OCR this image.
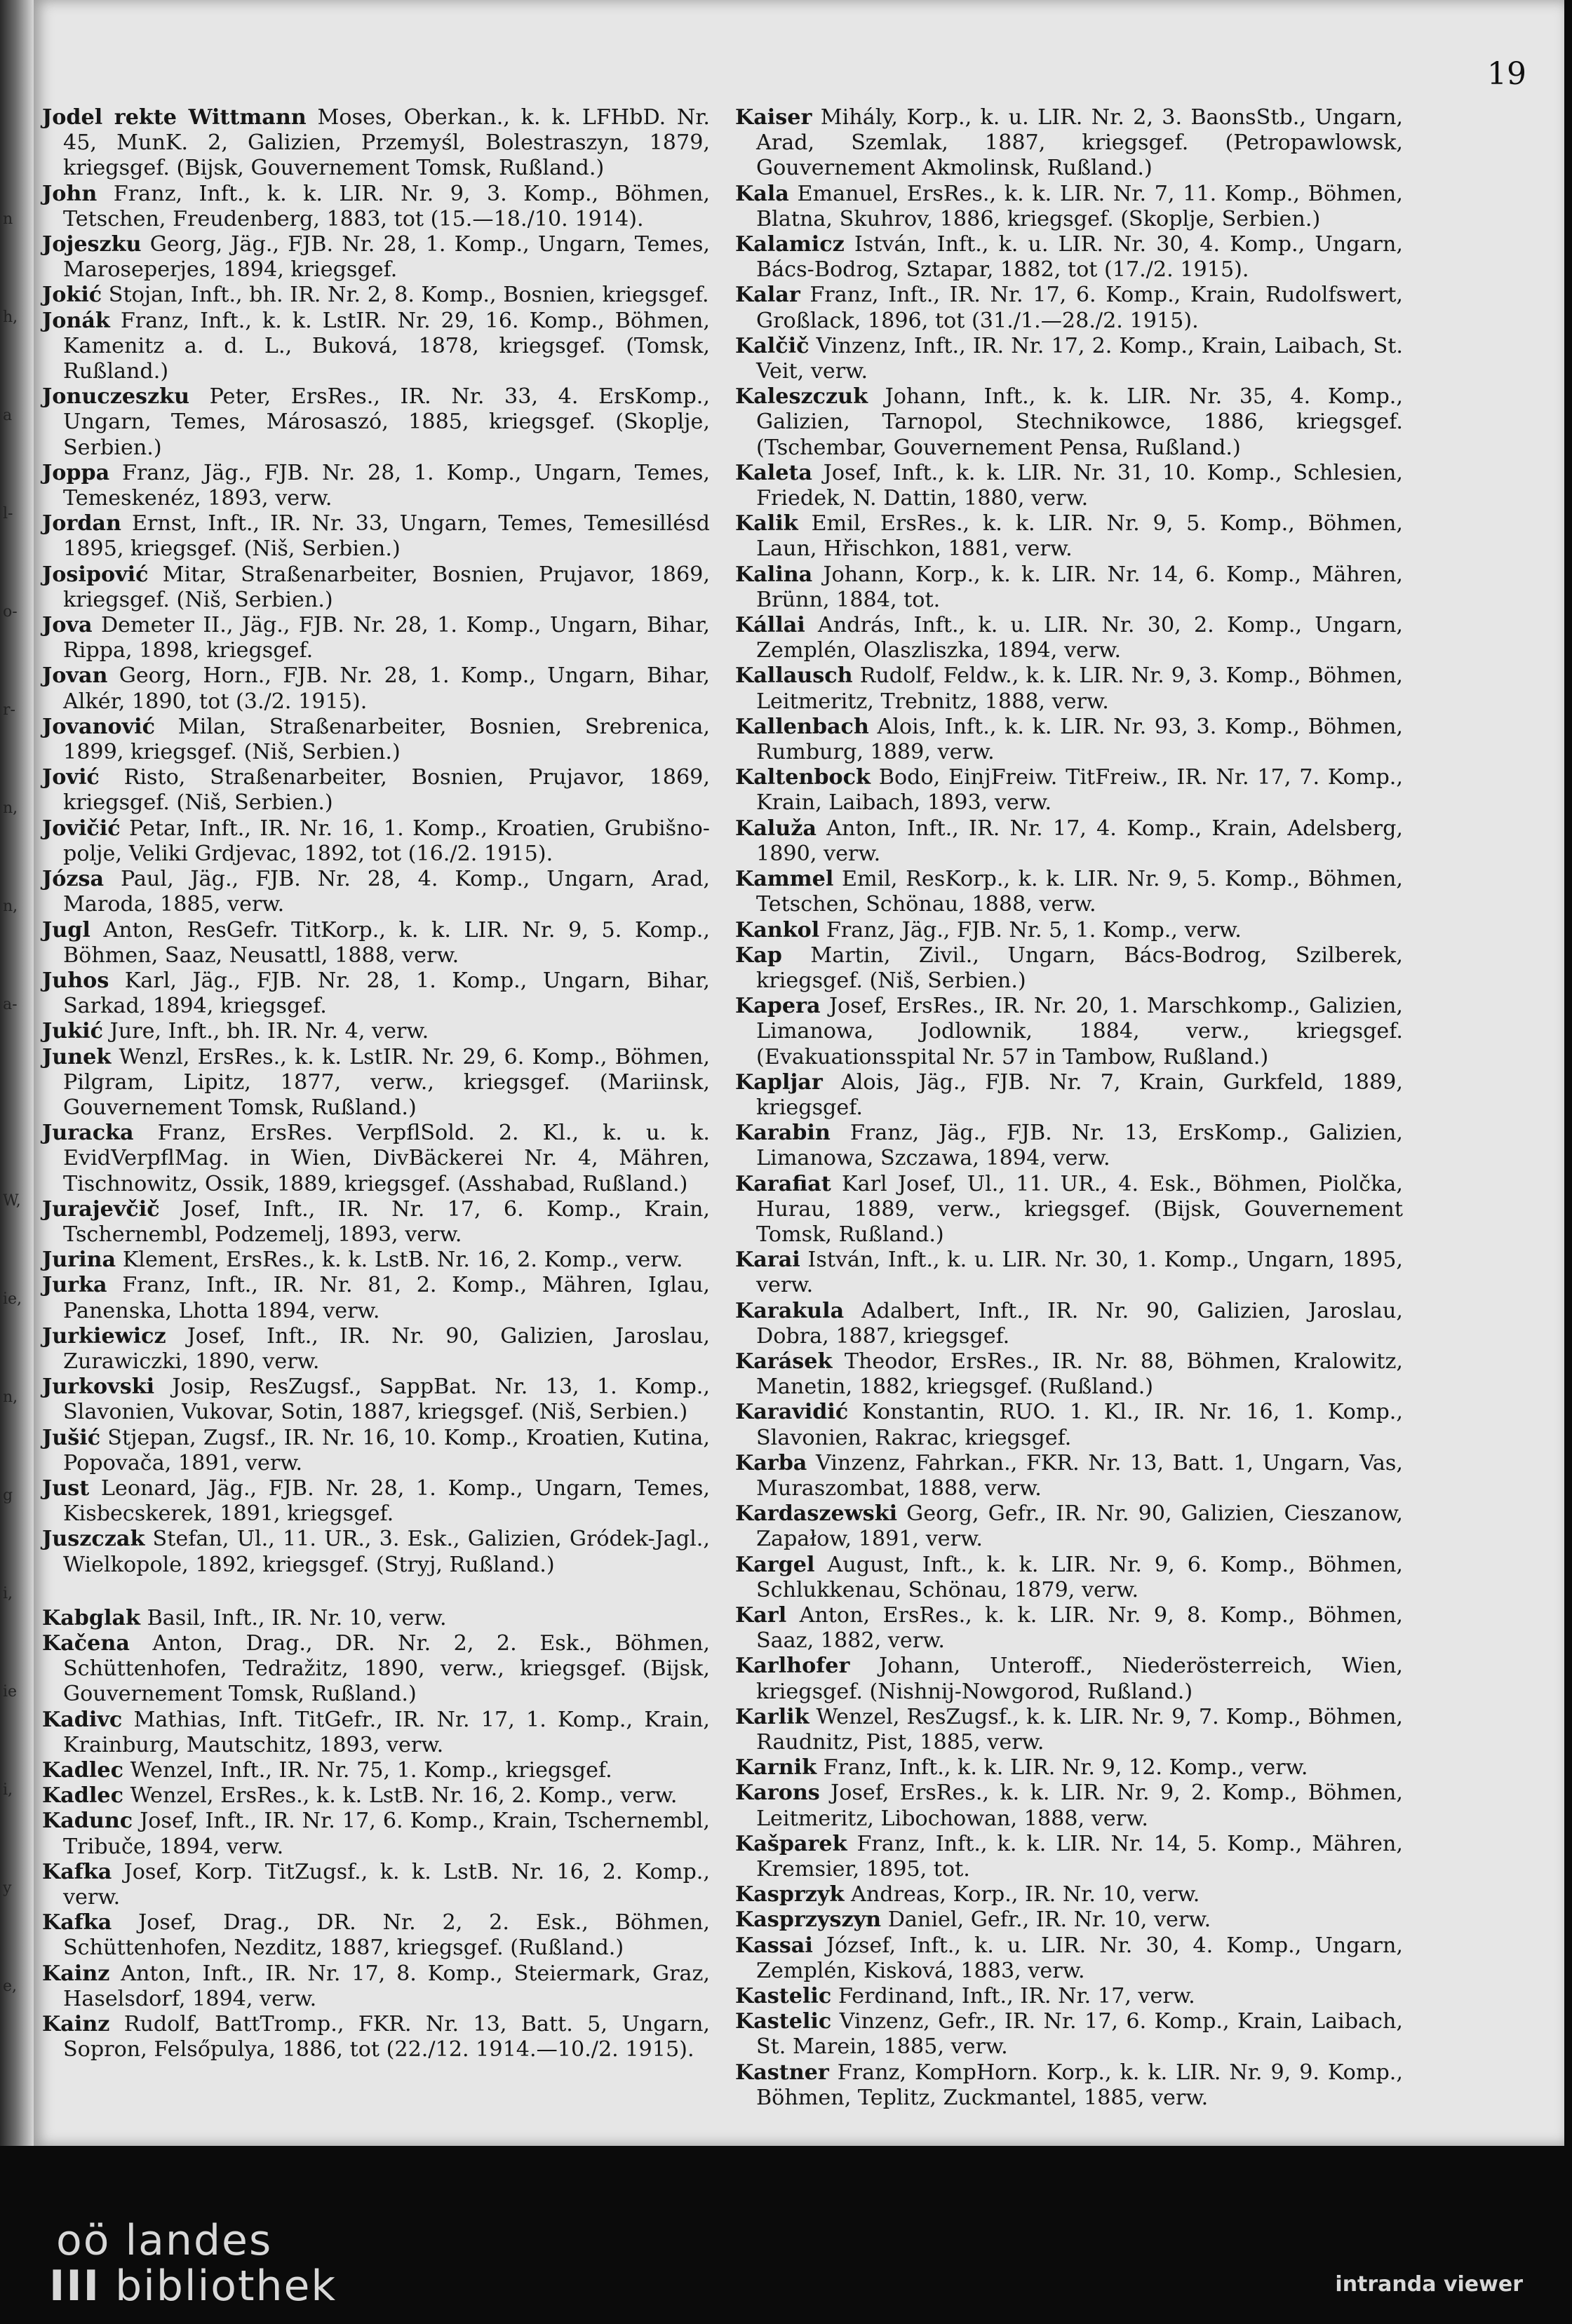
n
h,
a
l-
o-
r-
n,
n,
a-
W,
ie,
n,
g
i,
ie
i,
y
e,
19
Jodel rekte Wittmann Moses, Oberkan., k. k. LFHbD. Nr. 45, MunK. 2, Galizien, Przemyśl, Bolestraszyn, 1879, kriegsgef. (Bijsk, Gouvernement Tomsk, Rußland.)
John Franz, Inft., k. k. LIR. Nr. 9, 3. Komp., Böhmen, Tetschen, Freudenberg, 1883, tot (15.—18./10. 1914).
Jojeszku Georg, Jäg., FJB. Nr. 28, 1. Komp., Ungarn, Temes, Maroseperjes, 1894, kriegsgef.
Jokić Stojan, Inft., bh. IR. Nr. 2, 8. Komp., Bosnien, kriegsgef.
Jonák Franz, Inft., k. k. LstIR. Nr. 29, 16. Komp., Böhmen, Kamenitz a. d. L., Buková, 1878, kriegsgef. (Tomsk, Rußland.)
Jonuczeszku Peter, ErsRes., IR. Nr. 33, 4. ErsKomp., Ungarn, Temes, Márosaszó, 1885, kriegsgef. (Skoplje, Serbien.)
Joppa Franz, Jäg., FJB. Nr. 28, 1. Komp., Ungarn, Temes, Temeskenéz, 1893, verw.
Jordan Ernst, Inft., IR. Nr. 33, Ungarn, Temes, Temesillésd 1895, kriegsgef. (Niš, Serbien.)
Josipović Mitar, Straßenarbeiter, Bosnien, Prujavor, 1869, kriegsgef. (Niš, Serbien.)
Jova Demeter II., Jäg., FJB. Nr. 28, 1. Komp., Ungarn, Bihar, Rippa, 1898, kriegsgef.
Jovan Georg, Horn., FJB. Nr. 28, 1. Komp., Ungarn, Bihar, Alkér, 1890, tot (3./2. 1915).
Jovanović Milan, Straßenarbeiter, Bosnien, Srebrenica, 1899, kriegsgef. (Niš, Serbien.)
Jović Risto, Straßenarbeiter, Bosnien, Prujavor, 1869, kriegsgef. (Niš, Serbien.)
Jovičić Petar, Inft., IR. Nr. 16, 1. Komp., Kroatien, Grubišno-polje, Veliki Grdjevac, 1892, tot (16./2. 1915).
Józsa Paul, Jäg., FJB. Nr. 28, 4. Komp., Ungarn, Arad, Maroda, 1885, verw.
Jugl Anton, ResGefr. TitKorp., k. k. LIR. Nr. 9, 5. Komp., Böhmen, Saaz, Neusattl, 1888, verw.
Juhos Karl, Jäg., FJB. Nr. 28, 1. Komp., Ungarn, Bihar, Sarkad, 1894, kriegsgef.
Jukić Jure, Inft., bh. IR. Nr. 4, verw.
Junek Wenzl, ErsRes., k. k. LstIR. Nr. 29, 6. Komp., Böhmen, Pilgram, Lipitz, 1877, verw., kriegsgef. (Mariinsk, Gouvernement Tomsk, Rußland.)
Juracka Franz, ErsRes. VerpflSold. 2. Kl., k. u. k. EvidVerpflMag. in Wien, DivBäckerei Nr. 4, Mähren, Tischnowitz, Ossik, 1889, kriegsgef. (Asshabad, Rußland.)
Jurajevčič Josef, Inft., IR. Nr. 17, 6. Komp., Krain, Tschernembl, Podzemelj, 1893, verw.
Jurina Klement, ErsRes., k. k. LstB. Nr. 16, 2. Komp., verw.
Jurka Franz, Inft., IR. Nr. 81, 2. Komp., Mähren, Iglau, Panenska, Lhotta 1894, verw.
Jurkiewicz Josef, Inft., IR. Nr. 90, Galizien, Jaroslau, Zurawiczki, 1890, verw.
Jurkovski Josip, ResZugsf., SappBat. Nr. 13, 1. Komp., Slavonien, Vukovar, Sotin, 1887, kriegsgef. (Niš, Serbien.)
Jušić Stjepan, Zugsf., IR. Nr. 16, 10. Komp., Kroatien, Kutina, Popovača, 1891, verw.
Just Leonard, Jäg., FJB. Nr. 28, 1. Komp., Ungarn, Temes, Kisbecskerek, 1891, kriegsgef.
Juszczak Stefan, Ul., 11. UR., 3. Esk., Galizien, Gródek-Jagl., Wielkopole, 1892, kriegsgef. (Stryj, Rußland.)
Kabglak Basil, Inft., IR. Nr. 10, verw.
Kačena Anton, Drag., DR. Nr. 2, 2. Esk., Böhmen, Schüttenhofen, Tedražitz, 1890, verw., kriegsgef. (Bijsk, Gouvernement Tomsk, Rußland.)
Kadivc Mathias, Inft. TitGefr., IR. Nr. 17, 1. Komp., Krain, Krainburg, Mautschitz, 1893, verw.
Kadlec Wenzel, Inft., IR. Nr. 75, 1. Komp., kriegsgef.
Kadlec Wenzel, ErsRes., k. k. LstB. Nr. 16, 2. Komp., verw.
Kadunc Josef, Inft., IR. Nr. 17, 6. Komp., Krain, Tschernembl, Tribuče, 1894, verw.
Kafka Josef, Korp. TitZugsf., k. k. LstB. Nr. 16, 2. Komp., verw.
Kafka Josef, Drag., DR. Nr. 2, 2. Esk., Böhmen, Schüttenhofen, Nezditz, 1887, kriegsgef. (Rußland.)
Kainz Anton, Inft., IR. Nr. 17, 8. Komp., Steiermark, Graz, Haselsdorf, 1894, verw.
Kainz Rudolf, BattTromp., FKR. Nr. 13, Batt. 5, Ungarn, Sopron, Felsőpulya, 1886, tot (22./12. 1914.—10./2. 1915).
Kaiser Mihály, Korp., k. u. LIR. Nr. 2, 3. BaonsStb., Ungarn, Arad, Szemlak, 1887, kriegsgef. (Petropawlowsk, Gouvernement Akmolinsk, Rußland.)
Kala Emanuel, ErsRes., k. k. LIR. Nr. 7, 11. Komp., Böhmen, Blatna, Skuhrov, 1886, kriegsgef. (Skoplje, Serbien.)
Kalamicz István, Inft., k. u. LIR. Nr. 30, 4. Komp., Ungarn, Bács-Bodrog, Sztapar, 1882, tot (17./2. 1915).
Kalar Franz, Inft., IR. Nr. 17, 6. Komp., Krain, Rudolfswert, Großlack, 1896, tot (31./1.—28./2. 1915).
Kalčič Vinzenz, Inft., IR. Nr. 17, 2. Komp., Krain, Laibach, St. Veit, verw.
Kaleszczuk Johann, Inft., k. k. LIR. Nr. 35, 4. Komp., Galizien, Tarnopol, Stechnikowce, 1886, kriegsgef. (Tschembar, Gouvernement Pensa, Rußland.)
Kaleta Josef, Inft., k. k. LIR. Nr. 31, 10. Komp., Schlesien, Friedek, N. Dattin, 1880, verw.
Kalik Emil, ErsRes., k. k. LIR. Nr. 9, 5. Komp., Böhmen, Laun, Hřischkon, 1881, verw.
Kalina Johann, Korp., k. k. LIR. Nr. 14, 6. Komp., Mähren, Brünn, 1884, tot.
Kállai András, Inft., k. u. LIR. Nr. 30, 2. Komp., Ungarn, Zemplén, Olaszliszka, 1894, verw.
Kallausch Rudolf, Feldw., k. k. LIR. Nr. 9, 3. Komp., Böhmen, Leitmeritz, Trebnitz, 1888, verw.
Kallenbach Alois, Inft., k. k. LIR. Nr. 93, 3. Komp., Böhmen, Rumburg, 1889, verw.
Kaltenbock Bodo, EinjFreiw. TitFreiw., IR. Nr. 17, 7. Komp., Krain, Laibach, 1893, verw.
Kaluža Anton, Inft., IR. Nr. 17, 4. Komp., Krain, Adelsberg, 1890, verw.
Kammel Emil, ResKorp., k. k. LIR. Nr. 9, 5. Komp., Böhmen, Tetschen, Schönau, 1888, verw.
Kankol Franz, Jäg., FJB. Nr. 5, 1. Komp., verw.
Kap Martin, Zivil., Ungarn, Bács-Bodrog, Szilberek, kriegsgef. (Niš, Serbien.)
Kapera Josef, ErsRes., IR. Nr. 20, 1. Marschkomp., Galizien, Limanowa, Jodlownik, 1884, verw., kriegsgef. (Evakuationsspital Nr. 57 in Tambow, Rußland.)
Kapljar Alois, Jäg., FJB. Nr. 7, Krain, Gurkfeld, 1889, kriegsgef.
Karabin Franz, Jäg., FJB. Nr. 13, ErsKomp., Galizien, Limanowa, Szczawa, 1894, verw.
Karafiat Karl Josef, Ul., 11. UR., 4. Esk., Böhmen, Piolčka, Hurau, 1889, verw., kriegsgef. (Bijsk, Gouvernement Tomsk, Rußland.)
Karai István, Inft., k. u. LIR. Nr. 30, 1. Komp., Ungarn, 1895, verw.
Karakula Adalbert, Inft., IR. Nr. 90, Galizien, Jaroslau, Dobra, 1887, kriegsgef.
Karásek Theodor, ErsRes., IR. Nr. 88, Böhmen, Kralowitz, Manetin, 1882, kriegsgef. (Rußland.)
Karavidić Konstantin, RUO. 1. Kl., IR. Nr. 16, 1. Komp., Slavonien, Rakrac, kriegsgef.
Karba Vinzenz, Fahrkan., FKR. Nr. 13, Batt. 1, Ungarn, Vas, Muraszombat, 1888, verw.
Kardaszewski Georg, Gefr., IR. Nr. 90, Galizien, Cieszanow, Zapałow, 1891, verw.
Kargel August, Inft., k. k. LIR. Nr. 9, 6. Komp., Böhmen, Schlukkenau, Schönau, 1879, verw.
Karl Anton, ErsRes., k. k. LIR. Nr. 9, 8. Komp., Böhmen, Saaz, 1882, verw.
Karlhofer Johann, Unteroff., Niederösterreich, Wien, kriegsgef. (Nishnij-Nowgorod, Rußland.)
Karlik Wenzel, ResZugsf., k. k. LIR. Nr. 9, 7. Komp., Böhmen, Raudnitz, Pist, 1885, verw.
Karnik Franz, Inft., k. k. LIR. Nr. 9, 12. Komp., verw.
Karons Josef, ErsRes., k. k. LIR. Nr. 9, 2. Komp., Böhmen, Leitmeritz, Libochowan, 1888, verw.
Kašparek Franz, Inft., k. k. LIR. Nr. 14, 5. Komp., Mähren, Kremsier, 1895, tot.
Kasprzyk Andreas, Korp., IR. Nr. 10, verw.
Kasprzyszyn Daniel, Gefr., IR. Nr. 10, verw.
Kassai József, Inft., k. u. LIR. Nr. 30, 4. Komp., Ungarn, Zemplén, Kisková, 1883, verw.
Kastelic Ferdinand, Inft., IR. Nr. 17, verw.
Kastelic Vinzenz, Gefr., IR. Nr. 17, 6. Komp., Krain, Laibach, St. Marein, 1885, verw.
Kastner Franz, KompHorn. Korp., k. k. LIR. Nr. 9, 9. Komp., Böhmen, Teplitz, Zuckmantel, 1885, verw.
oö landes
III bibliothek	intranda viewer
